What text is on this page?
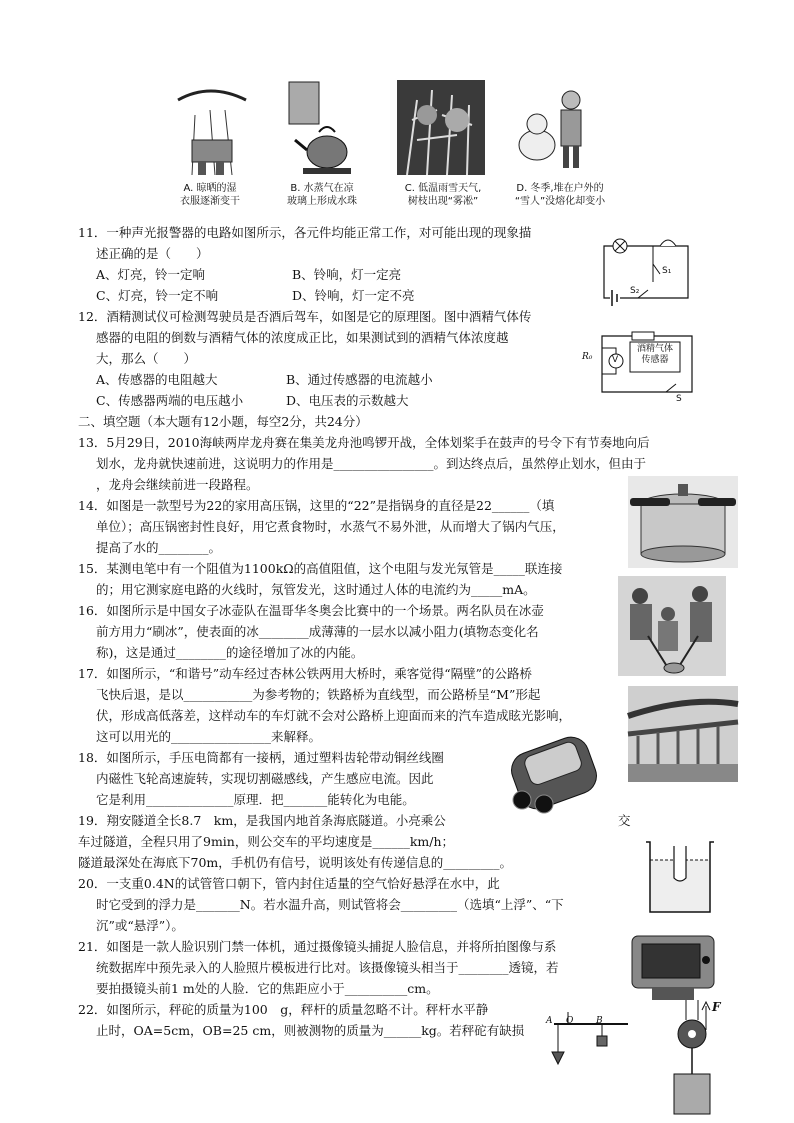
A. 晾晒的湿
衣服逐渐变干
B. 水蒸气在凉
玻璃上形成水珠
C. 低温雨雪天气,
树枝出现“雾凇”
D. 冬季,堆在户外的
“雪人”没熔化却变小
11．一种声光报警器的电路如图所示，各元件均能正常工作，对可能出现的现象描
述正确的是（　　）
A、灯亮，铃一定响	B、铃响，灯一定亮
C、灯亮，铃一定不响	D、铃响，灯一定不亮
S₁
S₂
12．酒精测试仪可检测驾驶员是否酒后驾车，如图是它的原理图。图中酒精气体传
感器的电阻的倒数与酒精气体的浓度成正比，如果测试到的酒精气体浓度越
大，那么（　　）
A、传感器的电阻越大	B、通过传感器的电流越小
C、传感器两端的电压越小	D、电压表的示数越大
酒精气体
传感器
R₀ V
S
二、填空题（本大题有12小题，每空2分，共24分）
13．5月29日，2010海峡两岸龙舟赛在集美龙舟池鸣锣开战，全体划桨手在鼓声的号令下有节奏地向后
划水，龙舟就快速前进，这说明力的作用是________________。到达终点后，虽然停止划水，但由于
，龙舟会继续前进一段路程。
14．如图是一款型号为22的家用高压锅，这里的“22”是指锅身的直径是22______（填
单位）；高压锅密封性良好，用它煮食物时，水蒸气不易外泄，从而增大了锅内气压，
提高了水的________。
15．某测电笔中有一个阻值为1100kΩ的高值阻值，这个电阻与发光氖管是_____联连接
的；用它测家庭电路的火线时，氖管发光，这时通过人体的电流约为_____mA。
16．如图所示是中国女子冰壶队在温哥华冬奥会比赛中的一个场景。两名队员在冰壶
前方用力“刷冰”，使表面的冰________成薄薄的一层水以减小阻力(填物态变化名
称)，这是通过________的途径增加了冰的内能。
17．如图所示，“和谐号”动车经过杏林公铁两用大桥时，乘客觉得“隔壁”的公路桥
飞快后退，是以___________为参考物的；铁路桥为直线型，而公路桥呈“M”形起
伏，形成高低落差，这样动车的车灯就不会对公路桥上迎面而来的汽车造成眩光影响，
这可以用光的________________来解释。
18．如图所示，手压电筒都有一接柄，通过塑料齿轮带动铜丝线圈
内磁性飞轮高速旋转，实现切割磁感线，产生感应电流。因此
它是利用______________原理．把_______能转化为电能。
19．翔安隧道全长8.7　km，是我国内地首条海底隧道。小亮乘公	交
车过隧道，全程只用了9min，则公交车的平均速度是______km/h；
隧道最深处在海底下70m，手机仍有信号，说明该处有传递信息的_________。
20．一支重0.4N的试管管口朝下，管内封住适量的空气恰好悬浮在水中，此
时它受到的浮力是_______N。若水温升高，则试管将会_________（选填“上浮”、“下
沉”或“悬浮”）。
21．如图是一款人脸识别门禁一体机，通过摄像镜头捕捉人脸信息，并将所拍图像与系
统数据库中预先录入的人脸照片模板进行比对。该摄像镜头相当于________透镜，若
要拍摄镜头前1 m处的人脸．它的焦距应小于__________cm。
22．如图所示，秤砣的质量为100　g，秤杆的质量忽略不计。秤杆水平静
止时，OA=5cm，OB=25 cm，则被测物的质量为______kg。若秤砣有缺损
A O	B
F
